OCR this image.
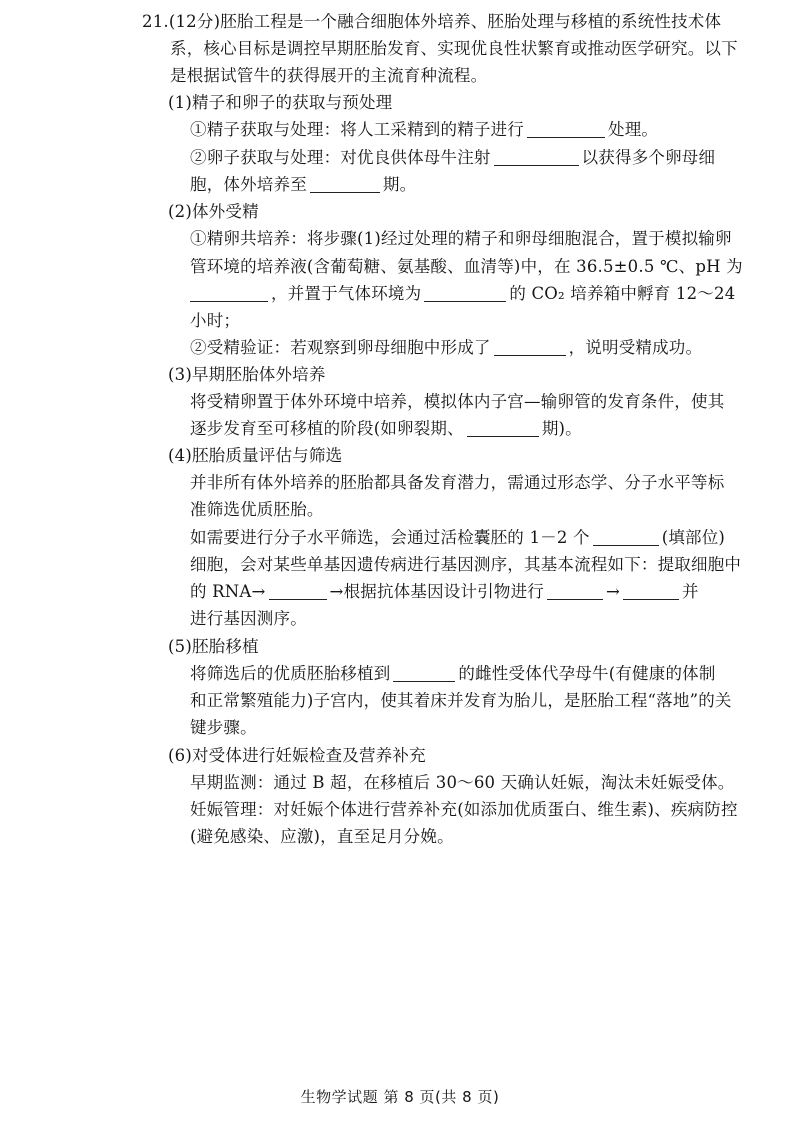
21.(12分)胚胎工程是一个融合细胞体外培养、胚胎处理与移植的系统性技术体
系，核心目标是调控早期胚胎发育、实现优良性状繁育或推动医学研究。以下
是根据试管牛的获得展开的主流育种流程。
(1)精子和卵子的获取与预处理
①精子获取与处理：将人工采精到的精子进行	处理。
②卵子获取与处理：对优良供体母牛注射	以获得多个卵母细
胞，体外培养至	期。
(2)体外受精
①精卵共培养：将步骤(1)经过处理的精子和卵母细胞混合，置于模拟输卵
管环境的培养液(含葡萄糖、氨基酸、血清等)中，在 36.5±0.5 ℃、pH 为
，并置于气体环境为	的 CO₂ 培养箱中孵育 12～24
小时；
②受精验证：若观察到卵母细胞中形成了	，说明受精成功。
(3)早期胚胎体外培养
将受精卵置于体外环境中培养，模拟体内子宫—输卵管的发育条件，使其
逐步发育至可移植的阶段(如卵裂期、	期)。
(4)胚胎质量评估与筛选
并非所有体外培养的胚胎都具备发育潜力，需通过形态学、分子水平等标
准筛选优质胚胎。
如需要进行分子水平筛选，会通过活检囊胚的 1－2 个	(填部位)
细胞，会对某些单基因遗传病进行基因测序，其基本流程如下：提取细胞中
的 RNA→	→根据抗体基因设计引物进行	→	并
进行基因测序。
(5)胚胎移植
将筛选后的优质胚胎移植到	的雌性受体代孕母牛(有健康的体制
和正常繁殖能力)子宫内，使其着床并发育为胎儿，是胚胎工程“落地”的关
键步骤。
(6)对受体进行妊娠检查及营养补充
早期监测：通过 B 超，在移植后 30～60 天确认妊娠，淘汰未妊娠受体。
妊娠管理：对妊娠个体进行营养补充(如添加优质蛋白、维生素)、疾病防控
(避免感染、应激)，直至足月分娩。
生物学试题 第 8 页(共 8 页)
